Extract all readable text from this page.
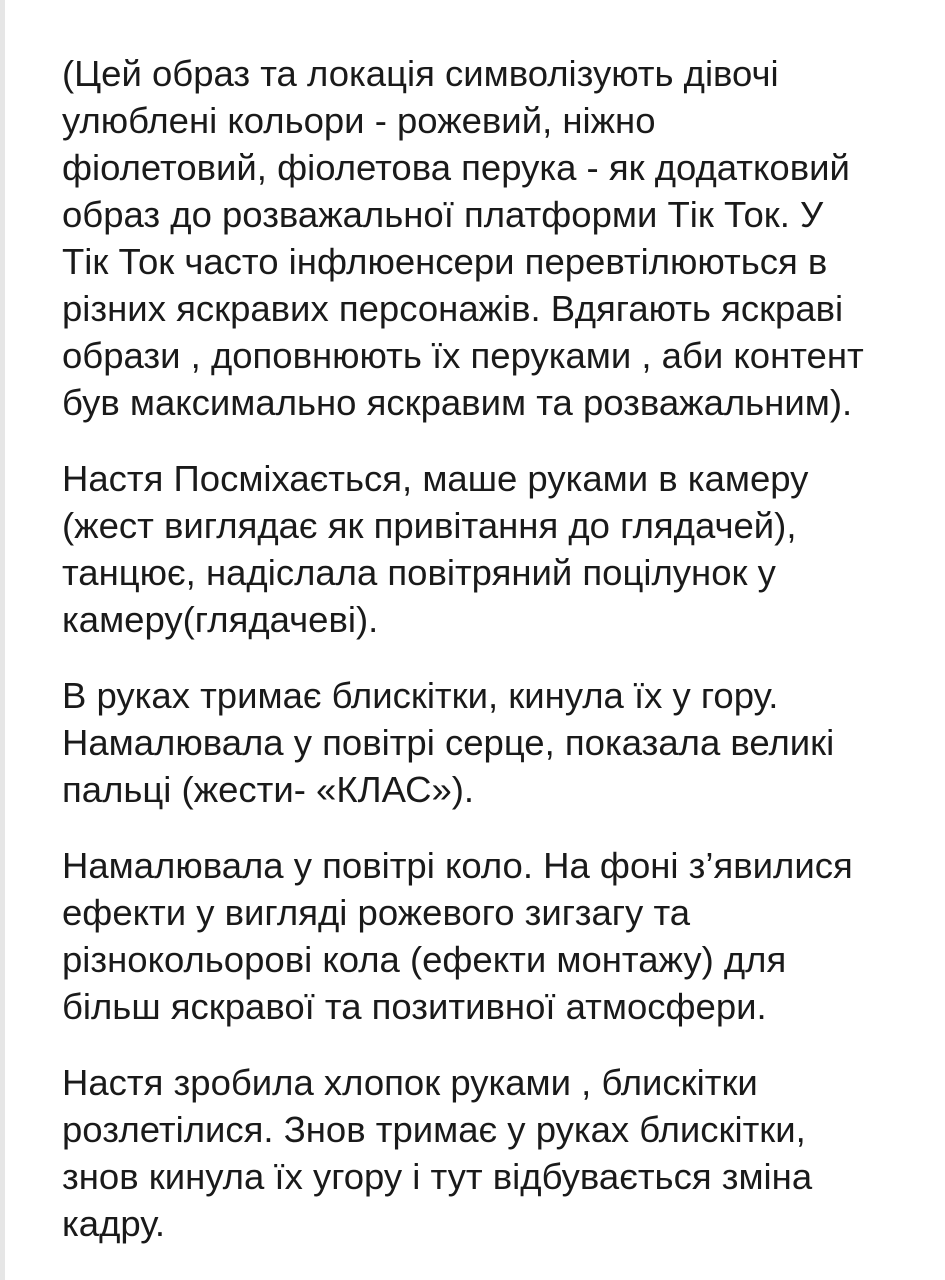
(Цей образ та локація символізують дівочі
улюблені кольори - рожевий, ніжно
фіолетовий, фіолетова перука - як додатковий
образ до розважальної платформи Тік Ток. У
Тік Ток часто інфлюенсери перевтілюються в
різних яскравих персонажів. Вдягають яскраві
образи , доповнюють їх перуками , аби контент
був максимально яскравим та розважальним).

Настя Посміхається, маше руками в камеру
(жест виглядає як привітання до глядачей),
танцює, надіслала повітряний поцілунок у
камеру(глядачеві).

В руках тримає блискітки, кинула їх у гору.
Намалювала у повітрі серце, показала великі
пальці (жести- «КЛАС»).

Намалювала у повітрі коло. На фоні з’явилися
ефекти у вигляді рожевого зигзагу та
різнокольорові кола (ефекти монтажу) для
більш яскравої та позитивної атмосфери.

Настя зробила хлопок руками , блискітки
розлетілися. Знов тримає у руках блискітки,
знов кинула їх угору і тут відбувається зміна
кадру.
